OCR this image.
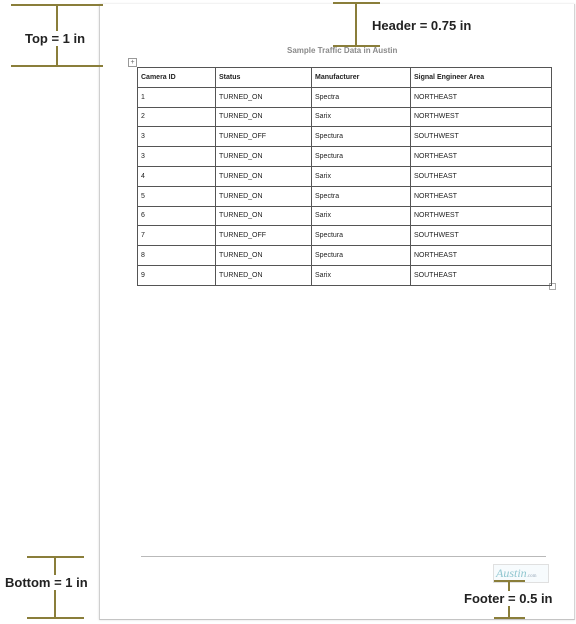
Top = 1 in
Header = 0.75 in
Sample Traffic Data in Austin
+
Camera ID	Status	Manufacturer	Signal Engineer Area
1	TURNED_ON	Spectra	NORTHEAST
2	TURNED_ON	Sarix	NORTHWEST
3	TURNED_OFF	Spectura	SOUTHWEST
3	TURNED_ON	Spectura	NORTHEAST
4	TURNED_ON	Sarix	SOUTHEAST
5	TURNED_ON	Spectra	NORTHEAST
6	TURNED_ON	Sarix	NORTHWEST
7	TURNED_OFF	Spectura	SOUTHWEST
8	TURNED_ON	Spectura	NORTHEAST
9	TURNED_ON	Sarix	SOUTHEAST
Austin.com
Bottom = 1 in
Footer = 0.5 in
